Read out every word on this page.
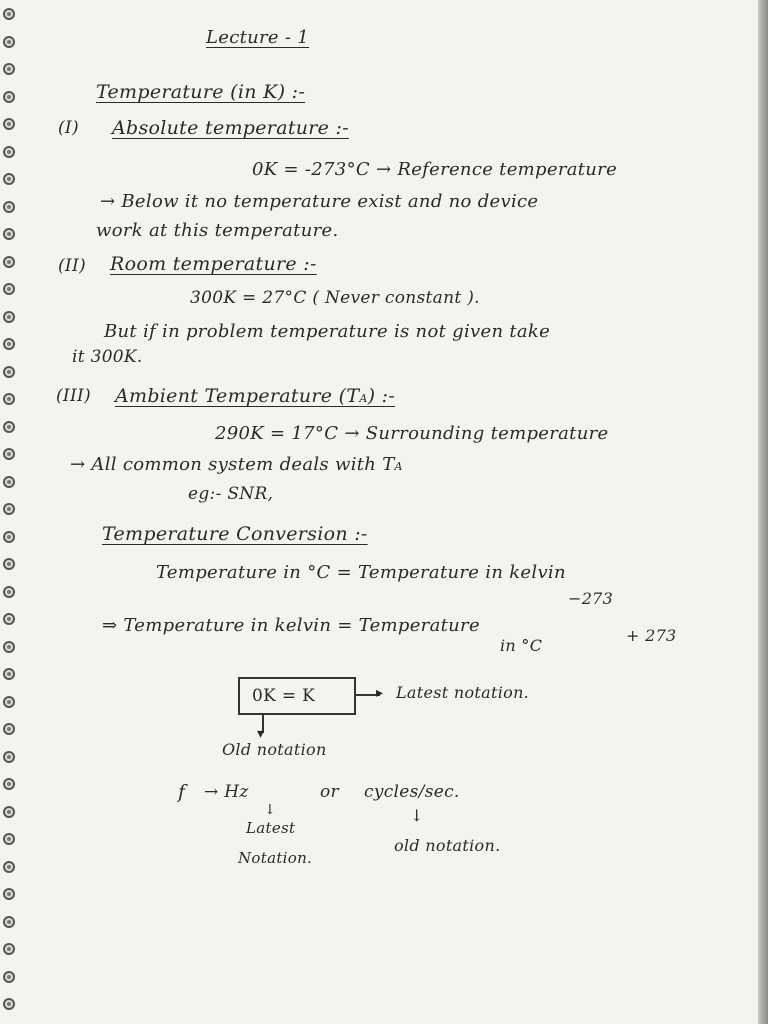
Lecture - 1
Temperature (in K) :-
(I) Absolute temperature :-
0K = -273°C → Reference temperature
→ Below it no temperature exist and no device
work at this temperature.
(II) Room temperature :-
300K = 27°C ( Never constant ).
But if in problem temperature is not given take
it 300K.
(III) Ambient Temperature (TA) :-
290K = 17°C → Surrounding temperature
→ All common system deals with TA
eg:- SNR,
Temperature Conversion :-
Temperature in °C = Temperature in kelvin
−273
⇒ Temperature in kelvin = Temperature
in °C
+ 273
0K = K	▸ Latest notation.
▾
Old notation
f → Hz	or cycles/sec.
↓	↓
Latest
Notation.
old notation.
